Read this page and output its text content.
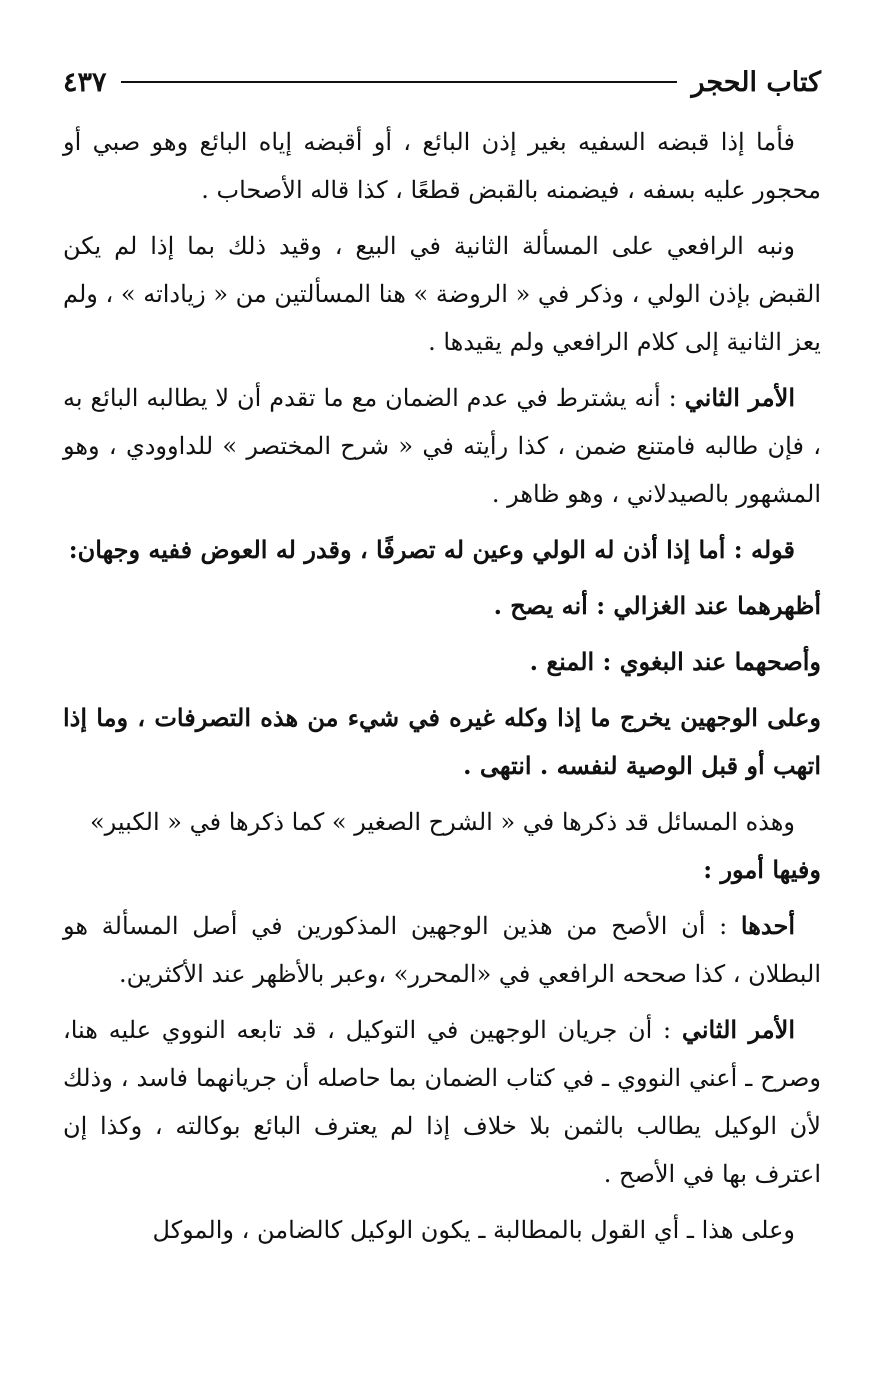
كتاب الحجر
٤٣٧

فأما إذا قبضه السفيه بغير إذن البائع ، أو أقبضه إياه البائع وهو صبي أو محجور عليه بسفه ، فيضمنه بالقبض قطعًا ، كذا قاله الأصحاب .

ونبه الرافعي على المسألة الثانية في البيع ، وقيد ذلك بما إذا لم يكن القبض بإذن الولي ، وذكر في « الروضة » هنا المسألتين من « زياداته » ، ولم يعز الثانية إلى كلام الرافعي ولم يقيدها .

الأمر الثاني : أنه يشترط في عدم الضمان مع ما تقدم أن لا يطالبه البائع به ، فإن طالبه فامتنع ضمن ، كذا رأيته في « شرح المختصر » للداوودي ، وهو المشهور بالصيدلاني ، وهو ظاهر .

قوله : أما إذا أذن له الولي وعين له تصرفًا ، وقدر له العوض ففيه وجهان:

أظهرهما عند الغزالي : أنه يصح .

وأصحهما عند البغوي : المنع .

وعلى الوجهين يخرج ما إذا وكله غيره في شيء من هذه التصرفات ، وما إذا اتهب أو قبل الوصية لنفسه . انتهى .

وهذه المسائل قد ذكرها في « الشرح الصغير » كما ذكرها في « الكبير»

وفيها أمور :

أحدها : أن الأصح من هذين الوجهين المذكورين في أصل المسألة هو البطلان ، كذا صححه الرافعي في «المحرر» ،وعبر بالأظهر عند الأكثرين.

الأمر الثاني : أن جريان الوجهين في التوكيل ، قد تابعه النووي عليه هنا، وصرح ـ أعني النووي ـ في كتاب الضمان بما حاصله أن جريانهما فاسد ، وذلك لأن الوكيل يطالب بالثمن بلا خلاف إذا لم يعترف البائع بوكالته ، وكذا إن اعترف بها في الأصح .

وعلى هذا ـ أي القول بالمطالبة ـ يكون الوكيل كالضامن ، والموكل
